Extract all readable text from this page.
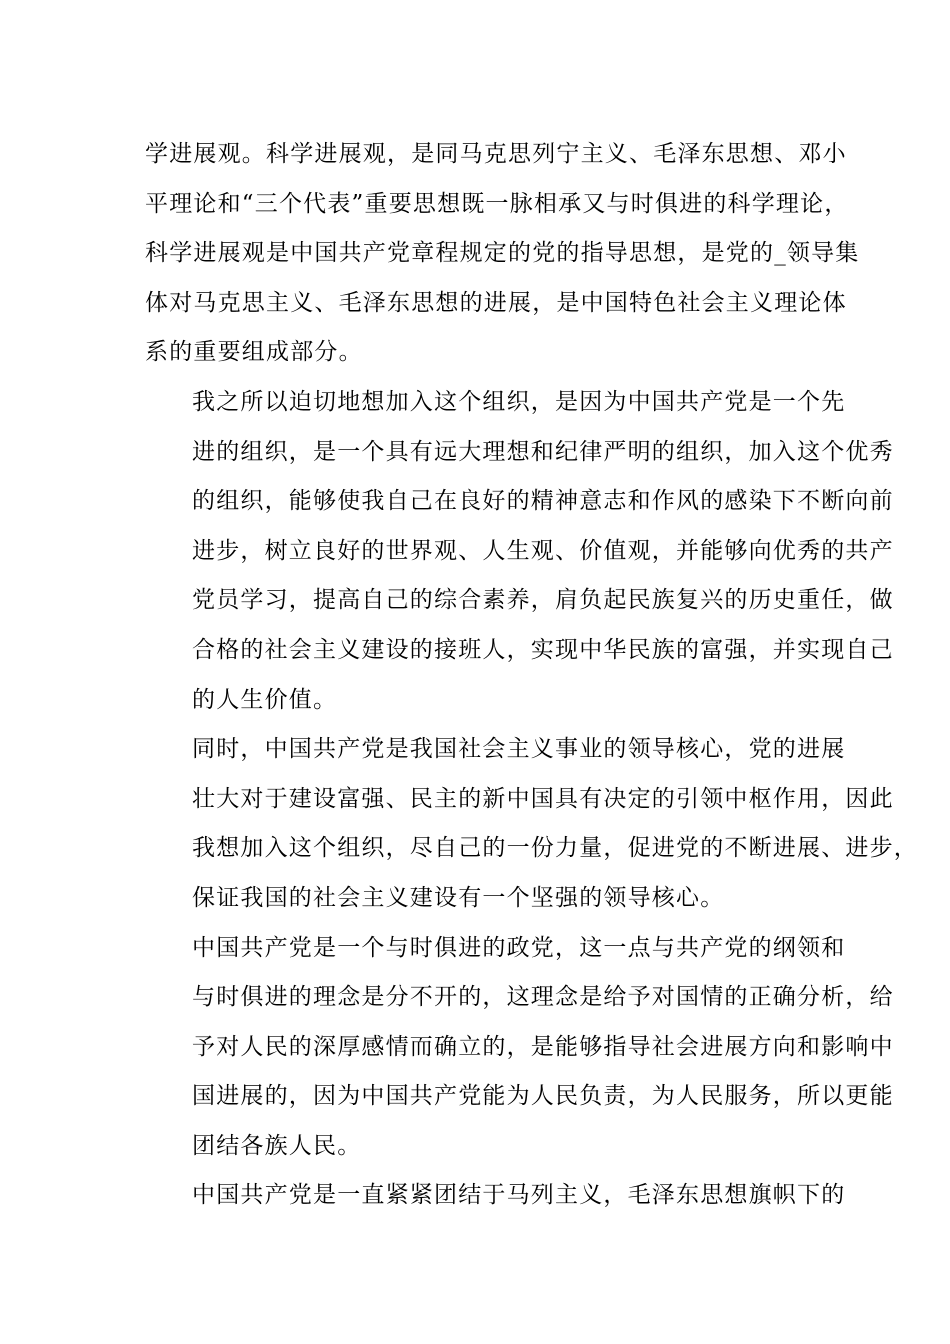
学进展观。科学进展观，是同马克思列宁主义、毛泽东思想、邓小
平理论和“三个代表”重要思想既一脉相承又与时俱进的科学理论，
科学进展观是中国共产党章程规定的党的指导思想，是党的_领导集
体对马克思主义、毛泽东思想的进展，是中国特色社会主义理论体
系的重要组成部分。

我之所以迫切地想加入这个组织，是因为中国共产党是一个先
进的组织，是一个具有远大理想和纪律严明的组织，加入这个优秀
的组织，能够使我自己在良好的精神意志和作风的感染下不断向前
进步，树立良好的世界观、人生观、价值观，并能够向优秀的共产
党员学习，提高自己的综合素养，肩负起民族复兴的历史重任，做
合格的社会主义建设的接班人，实现中华民族的富强，并实现自己
的人生价值。

同时，中国共产党是我国社会主义事业的领导核心，党的进展
壮大对于建设富强、民主的新中国具有决定的引领中枢作用，因此
我想加入这个组织，尽自己的一份力量，促进党的不断进展、进步，
保证我国的社会主义建设有一个坚强的领导核心。

中国共产党是一个与时俱进的政党，这一点与共产党的纲领和
与时俱进的理念是分不开的，这理念是给予对国情的正确分析，给
予对人民的深厚感情而确立的，是能够指导社会进展方向和影响中
国进展的，因为中国共产党能为人民负责，为人民服务，所以更能
团结各族人民。

中国共产党是一直紧紧团结于马列主义，毛泽东思想旗帜下的
